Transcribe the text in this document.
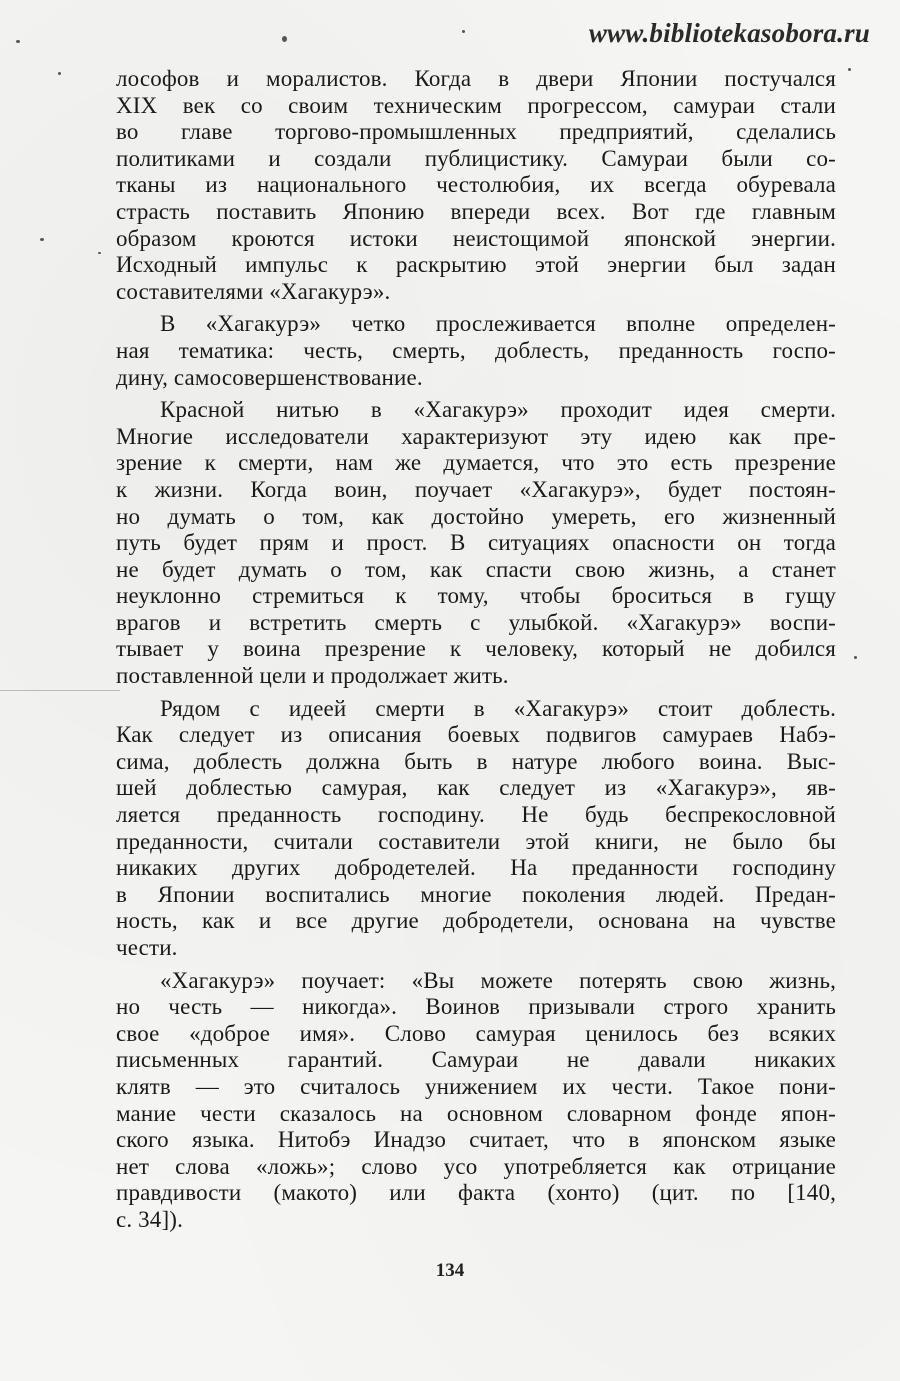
www.bibliotekasobora.ru
лософов и моралистов. Когда в двери Японии постучался
XIX век со своим техническим прогрессом, самураи стали
во главе торгово-промышленных предприятий, сделались
политиками и создали публицистику. Самураи были со-
тканы из национального честолюбия, их всегда обуревала
страсть поставить Японию впереди всех. Вот где главным
образом кроются истоки неистощимой японской энергии.
Исходный импульс к раскрытию этой энергии был задан
составителями «Хагакурэ».
В «Хагакурэ» четко прослеживается вполне определен-
ная тематика: честь, смерть, доблесть, преданность госпо-
дину, самосовершенствование.
Красной нитью в «Хагакурэ» проходит идея смерти.
Многие исследователи характеризуют эту идею как пре-
зрение к смерти, нам же думается, что это есть презрение
к жизни. Когда воин, поучает «Хагакурэ», будет постоян-
но думать о том, как достойно умереть, его жизненный
путь будет прям и прост. В ситуациях опасности он тогда
не будет думать о том, как спасти свою жизнь, а станет
неуклонно стремиться к тому, чтобы броситься в гущу
врагов и встретить смерть с улыбкой. «Хагакурэ» воспи-
тывает у воина презрение к человеку, который не добился
поставленной цели и продолжает жить.
Рядом с идеей смерти в «Хагакурэ» стоит доблесть.
Как следует из описания боевых подвигов самураев Набэ-
сима, доблесть должна быть в натуре любого воина. Выс-
шей доблестью самурая, как следует из «Хагакурэ», яв-
ляется преданность господину. Не будь беспрекословной
преданности, считали составители этой книги, не было бы
никаких других добродетелей. На преданности господину
в Японии воспитались многие поколения людей. Предан-
ность, как и все другие добродетели, основана на чувстве
чести.
«Хагакурэ» поучает: «Вы можете потерять свою жизнь,
но честь — никогда». Воинов призывали строго хранить
свое «доброе имя». Слово самурая ценилось без всяких
письменных гарантий. Самураи не давали никаких
клятв — это считалось унижением их чести. Такое пони-
мание чести сказалось на основном словарном фонде япон-
ского языка. Нитобэ Инадзо считает, что в японском языке
нет слова «ложь»; слово усо употребляется как отрицание
правдивости (макото) или факта (хонто) (цит. по [140,
с. 34]).
134
